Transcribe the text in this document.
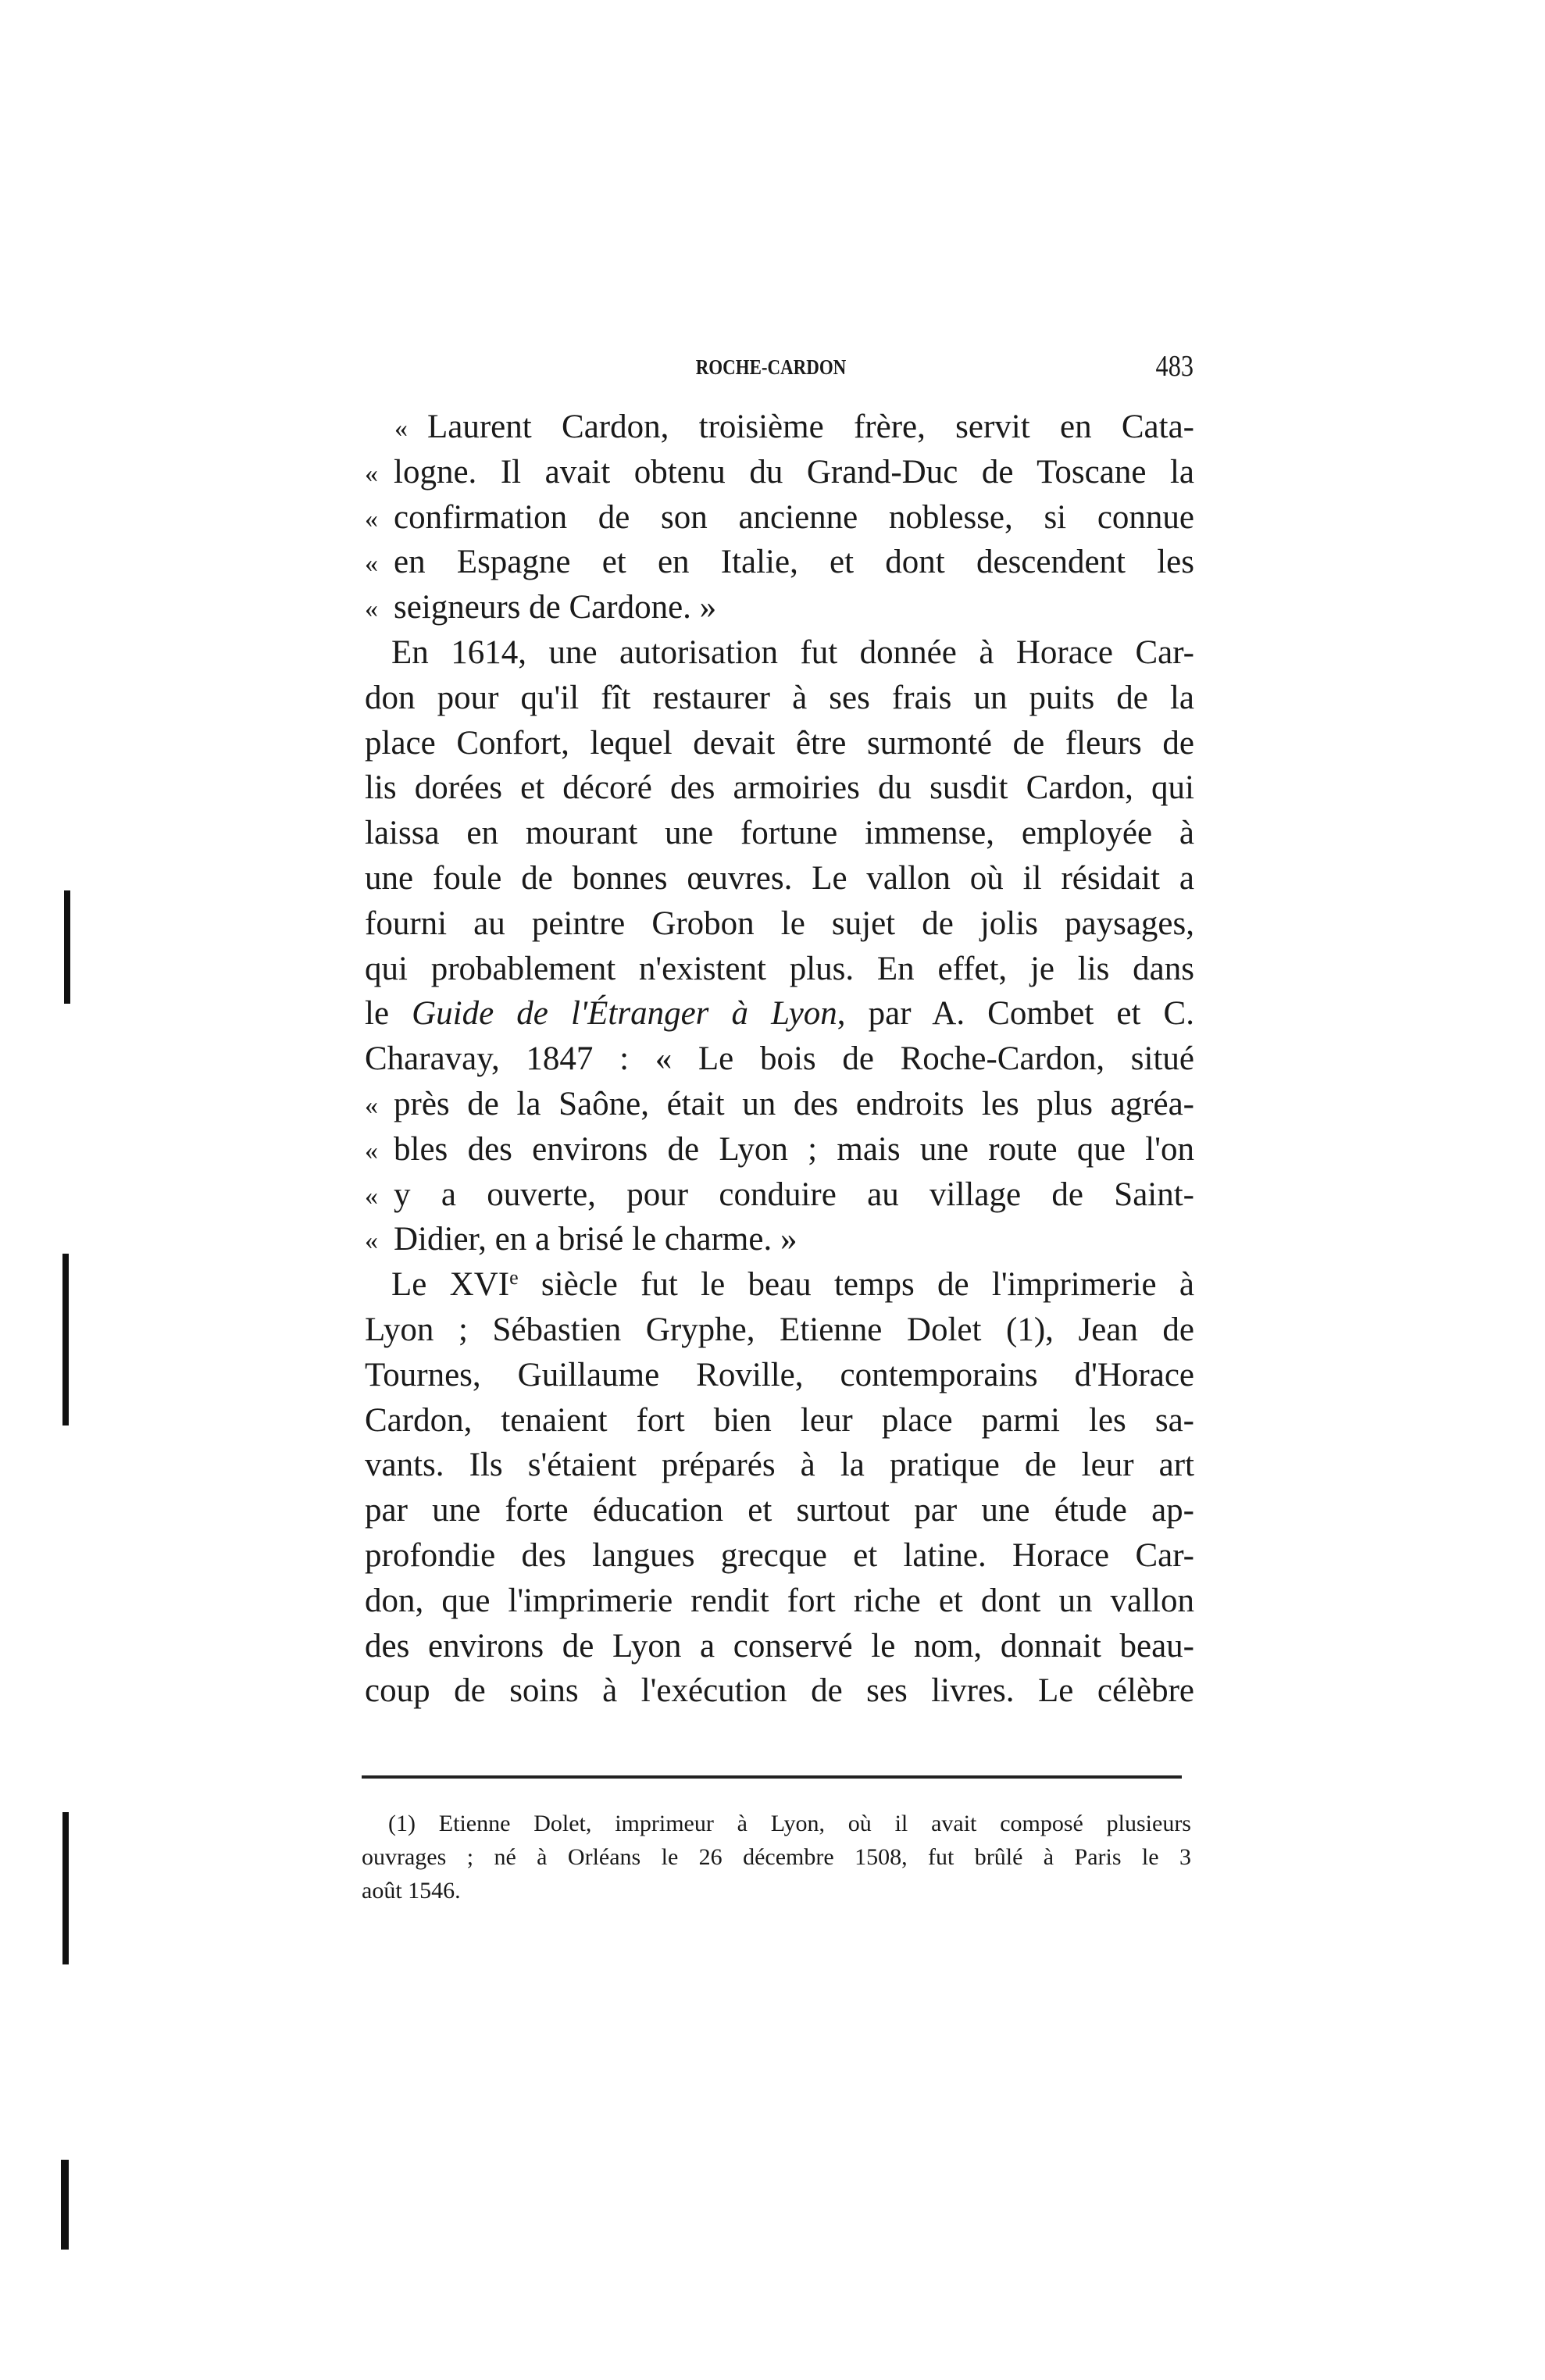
ROCHE-CARDON	483
« Laurent Cardon, troisième frère, servit en Cata-
« logne. Il avait obtenu du Grand-Duc de Toscane la
« confirmation de son ancienne noblesse, si connue
« en Espagne et en Italie, et dont descendent les
« seigneurs de Cardone. »
En 1614, une autorisation fut donnée à Horace Car-
don pour qu'il fît restaurer à ses frais un puits de la
place Confort, lequel devait être surmonté de fleurs de
lis dorées et décoré des armoiries du susdit Cardon, qui
laissa en mourant une fortune immense, employée à
une foule de bonnes œuvres. Le vallon où il résidait a
fourni au peintre Grobon le sujet de jolis paysages,
qui probablement n'existent plus. En effet, je lis dans
le Guide de l'Étranger à Lyon, par A. Combet et C.
Charavay, 1847 : « Le bois de Roche-Cardon, situé
« près de la Saône, était un des endroits les plus agréa-
« bles des environs de Lyon ; mais une route que l'on
« y a ouverte, pour conduire au village de Saint-
« Didier, en a brisé le charme. »
Le XVIe siècle fut le beau temps de l'imprimerie à
Lyon ; Sébastien Gryphe, Etienne Dolet (1), Jean de
Tournes, Guillaume Roville, contemporains d'Horace
Cardon, tenaient fort bien leur place parmi les sa-
vants. Ils s'étaient préparés à la pratique de leur art
par une forte éducation et surtout par une étude ap-
profondie des langues grecque et latine. Horace Car-
don, que l'imprimerie rendit fort riche et dont un vallon
des environs de Lyon a conservé le nom, donnait beau-
coup de soins à l'exécution de ses livres. Le célèbre
(1) Etienne Dolet, imprimeur à Lyon, où il avait composé plusieurs
ouvrages ; né à Orléans le 26 décembre 1508, fut brûlé à Paris le 3
août 1546.
